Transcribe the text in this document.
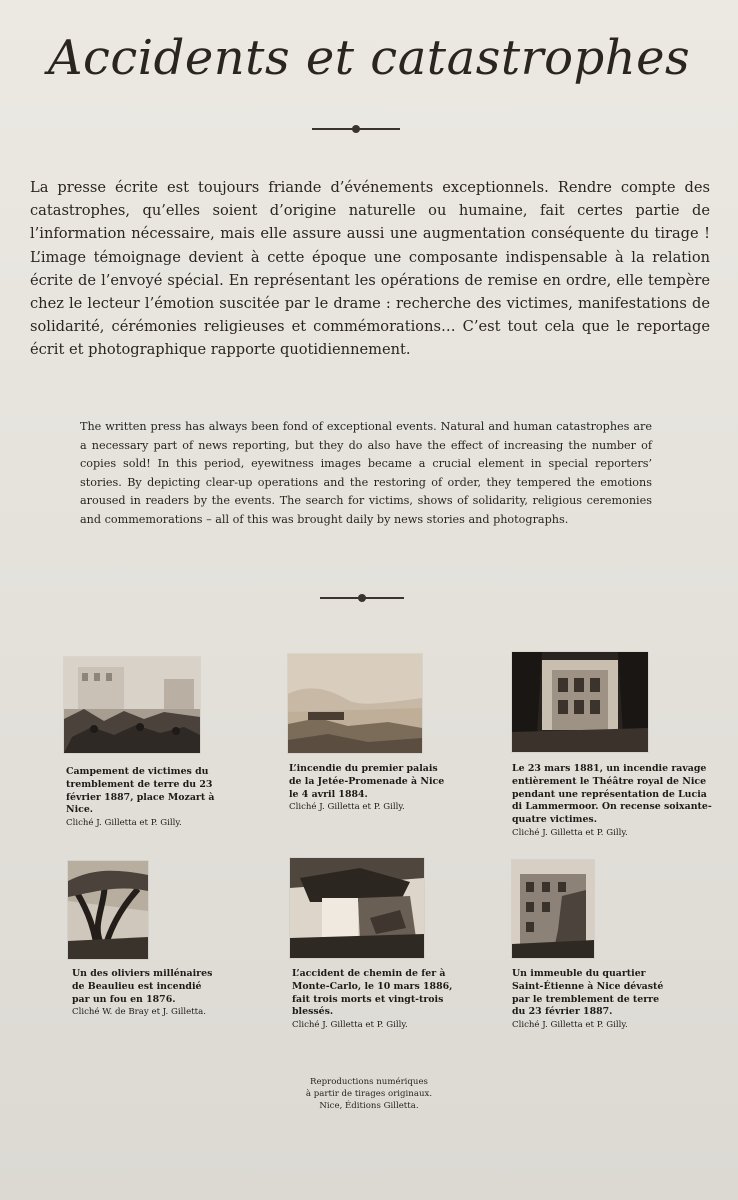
Accidents et catastrophes
La presse écrite est toujours friande d’événements exceptionnels. Rendre compte des catastrophes, qu’elles soient d’origine naturelle ou humaine, fait certes partie de l’information nécessaire, mais elle assure aussi une augmentation conséquente du tirage ! L’image témoignage devient à cette époque une composante indispensable à la relation écrite de l’envoyé spécial. En représentant les opérations de remise en ordre, elle tempère chez le lecteur l’émotion suscitée par le drame : recherche des victimes, manifestations de solidarité, cérémonies religieuses et commémorations… C’est tout cela que le reportage écrit et photographique rapporte quotidiennement.
The written press has always been fond of exceptional events. Natural and human catastrophes are a necessary part of news reporting, but they do also have the effect of increasing the number of copies sold! In this period, eyewitness images became a crucial element in special reporters’ stories. By depicting clear-up operations and the restoring of order, they tempered the emotions aroused in readers by the events. The search for victims, shows of solidarity, religious ceremonies and commemorations – all of this was brought daily by news stories and photographs.
Campement de victimes du tremblement de terre du 23 février 1887, place Mozart à Nice.
Cliché J. Gilletta et P. Gilly.
L’incendie du premier palais de la Jetée-Promenade à Nice le 4 avril 1884.
Cliché J. Gilletta et P. Gilly.
Le 23 mars 1881, un incendie ravage entièrement le Théâtre royal de Nice pendant une représentation de Lucia di Lammermoor. On recense soixante-quatre victimes.
Cliché J. Gilletta et P. Gilly.
Un des oliviers millénaires de Beaulieu est incendié par un fou en 1876.
Cliché W. de Bray et J. Gilletta.
L’accident de chemin de fer à Monte-Carlo, le 10 mars 1886, fait trois morts et vingt-trois blessés.
Cliché J. Gilletta et P. Gilly.
Un immeuble du quartier Saint-Étienne à Nice dévasté par le tremblement de terre du 23 février 1887.
Cliché J. Gilletta et P. Gilly.
Reproductions numériques
à partir de tirages originaux.
Nice, Éditions Gilletta.
